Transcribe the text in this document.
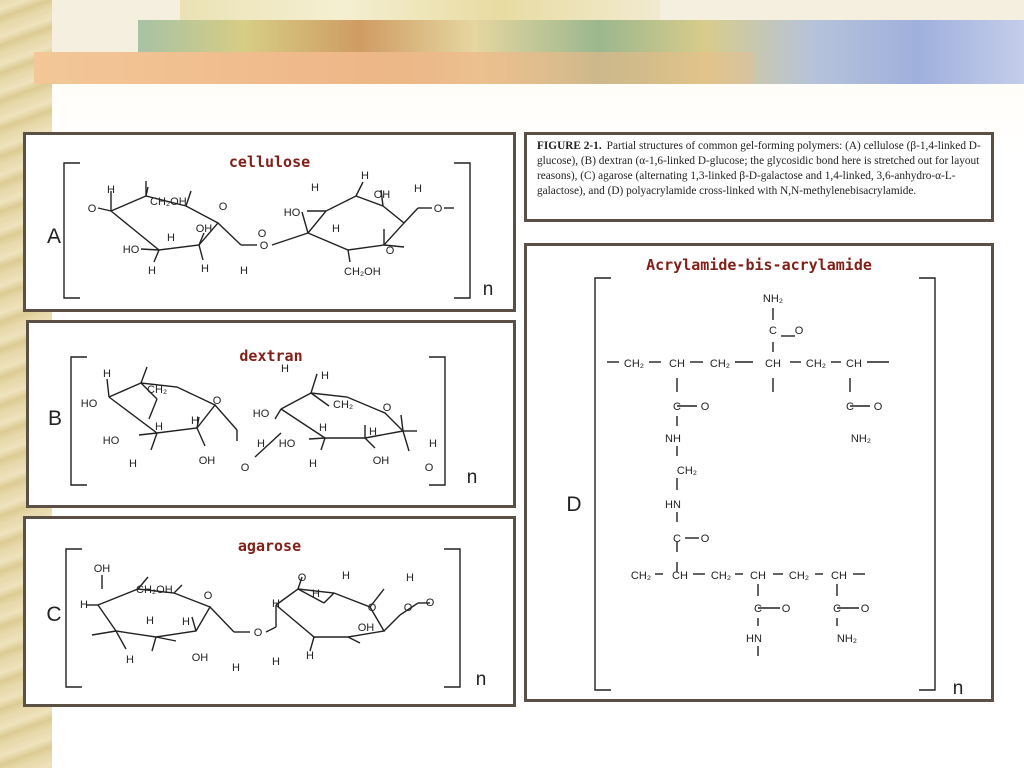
cellulose
H
CH₂OH	O
H
OH
O
O
H
HO
H	H
HO
H
OH
H
O
H
CH₂OH
O
H
O
A
n
dextran
H
CH₂
O
HO
H	H
HO
H	OH
H
O
H
H
CH₂	O
HO
H	H
HO
H	OH
H
O
B
n
agarose
OH
CH₂OH	O
H
H	H
H	OH
H
O
H
O	H
H
O
H
OH
H
H
O
O
C
n
FIGURE 2-1. Partial structures of common gel-forming polymers: (A) cellulose (β-1,4-linked D-glucose), (B) dextran (α-1,6-linked D-glucose; the glycosidic bond here is stretched out for layout reasons), (C) agarose (alternating 1,3-linked β-D-galactose and 1,4-linked, 3,6-anhydro-α-L-galactose), and (D) polyacrylamide cross-linked with N,N-methylenebisacrylamide.
Acrylamide-bis-acrylamide
NH₂
C O
CH₂ CH CH₂	CH CH₂ CH
C O	C O
NH	NH₂
CH₂
HN
C O
CH₂ CH CH₂ CH CH₂ CH
C O	C O
HN	NH₂
D
n
